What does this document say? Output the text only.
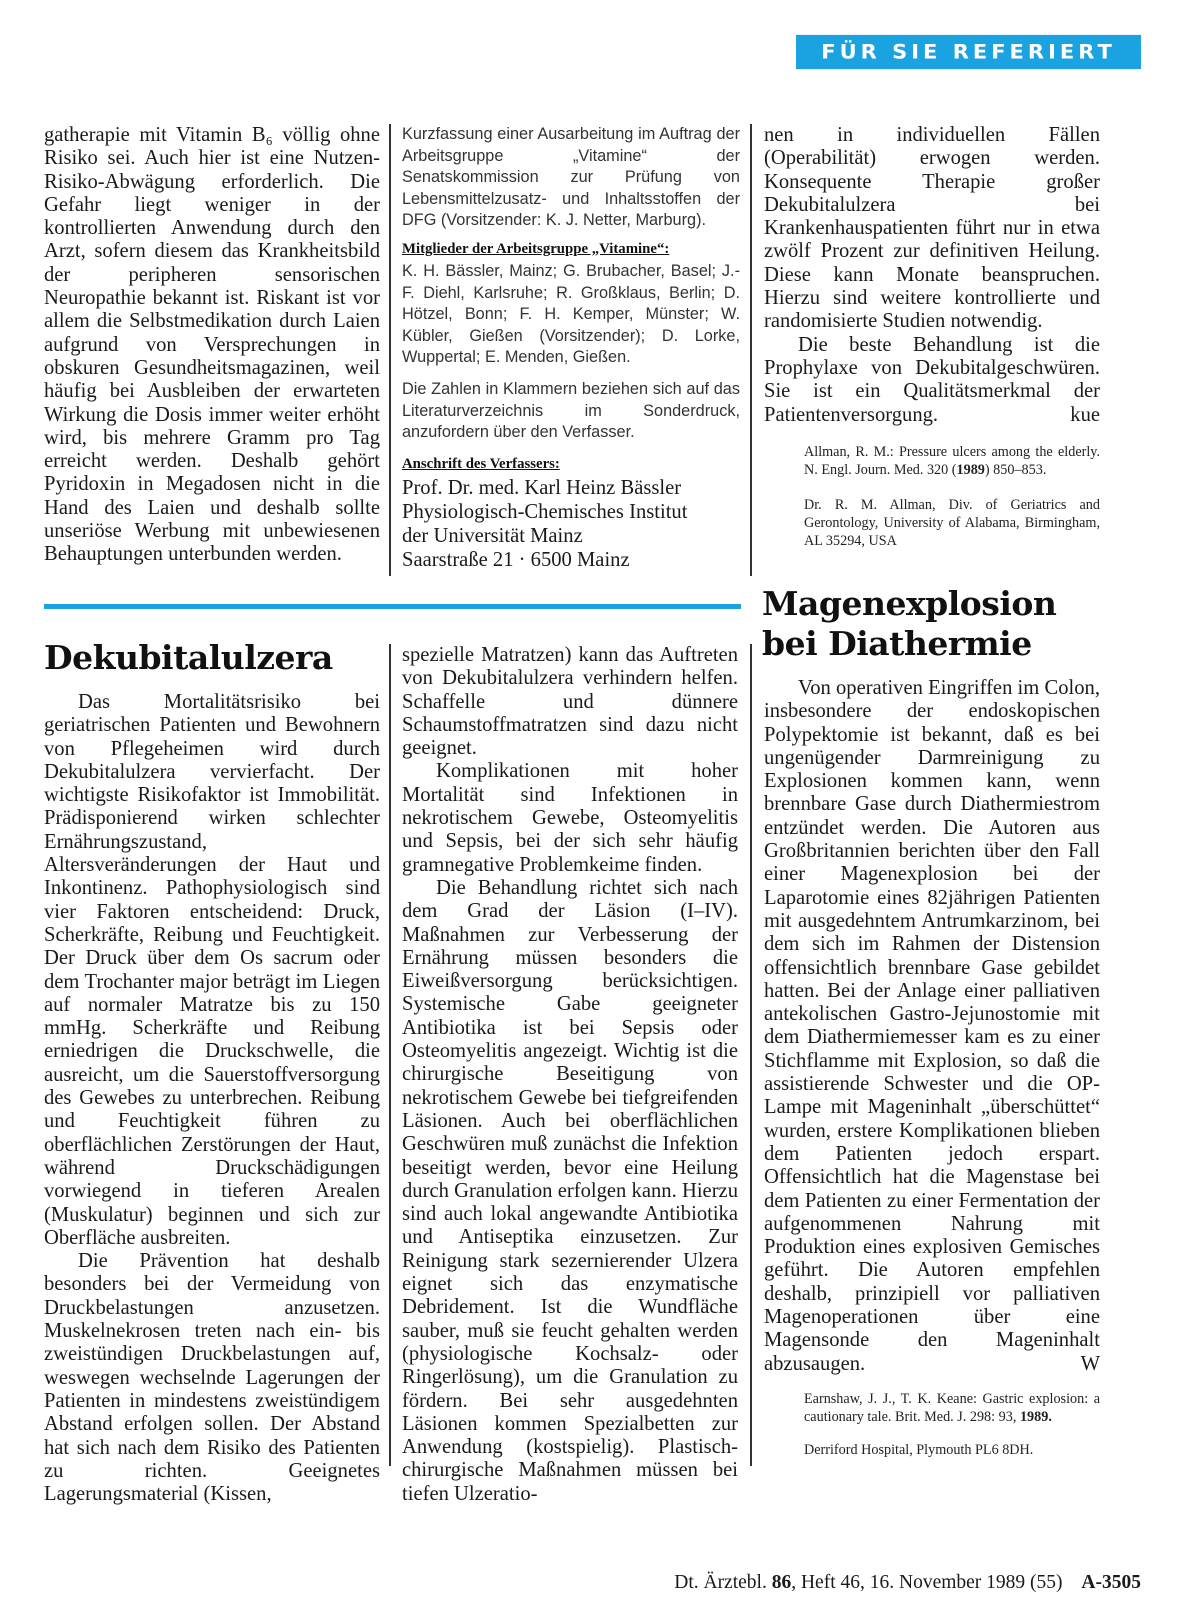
FÜR SIE REFERIERT

gatherapie mit Vitamin B₆ völlig ohne Risiko sei. Auch hier ist eine Nutzen-Risiko-Abwägung erforderlich. Die Gefahr liegt weniger in der kontrollierten Anwendung durch den Arzt, sofern diesem das Krankheitsbild der peripheren sensorischen Neuropathie bekannt ist. Riskant ist vor allem die Selbstmedikation durch Laien aufgrund von Versprechungen in obskuren Gesundheitsmagazinen, weil häufig bei Ausbleiben der erwarteten Wirkung die Dosis immer weiter erhöht wird, bis mehrere Gramm pro Tag erreicht werden. Deshalb gehört Pyridoxin in Megadosen nicht in die Hand des Laien und deshalb sollte unseriöse Werbung mit unbewiesenen Behauptungen unterbunden werden.

Kurzfassung einer Ausarbeitung im Auftrag der Arbeitsgruppe „Vitamine“ der Senatskommission zur Prüfung von Lebensmittelzusatz- und Inhaltsstoffen der DFG (Vorsitzender: K. J. Netter, Marburg).

Mitglieder der Arbeitsgruppe „Vitamine“:

K. H. Bässler, Mainz; G. Brubacher, Basel; J.-F. Diehl, Karlsruhe; R. Großklaus, Berlin; D. Hötzel, Bonn; F. H. Kemper, Münster; W. Kübler, Gießen (Vorsitzender); D. Lorke, Wuppertal; E. Menden, Gießen.

Die Zahlen in Klammern beziehen sich auf das Literaturverzeichnis im Sonderdruck, anzufordern über den Verfasser.

Anschrift des Verfassers:

Prof. Dr. med. Karl Heinz Bässler

Physiologisch-Chemisches Institut

der Universität Mainz

Saarstraße 21 · 6500 Mainz

nen in individuellen Fällen (Operabilität) erwogen werden. Konsequente Therapie großer Dekubitalulzera bei Krankenhauspatienten führt nur in etwa zwölf Prozent zur definitiven Heilung. Diese kann Monate beanspruchen. Hierzu sind weitere kontrollierte und randomisierte Studien notwendig.

Die beste Behandlung ist die Prophylaxe von Dekubitalgeschwüren. Sie ist ein Qualitätsmerkmal der Patientenversorgung.	kue

Allman, R. M.: Pressure ulcers among the elderly. N. Engl. Journ. Med. 320 (1989) 850–853.

Dr. R. M. Allman, Div. of Geriatrics and Gerontology, University of Alabama, Birmingham, AL 35294, USA

Dekubitalulzera

Das Mortalitätsrisiko bei geriatrischen Patienten und Bewohnern von Pflegeheimen wird durch Dekubitalulzera vervierfacht. Der wichtigste Risikofaktor ist Immobilität. Prädisponierend wirken schlechter Ernährungszustand, Altersveränderungen der Haut und Inkontinenz. Pathophysiologisch sind vier Faktoren entscheidend: Druck, Scherkräfte, Reibung und Feuchtigkeit. Der Druck über dem Os sacrum oder dem Trochanter major beträgt im Liegen auf normaler Matratze bis zu 150 mmHg. Scherkräfte und Reibung erniedrigen die Druckschwelle, die ausreicht, um die Sauerstoffversorgung des Gewebes zu unterbrechen. Reibung und Feuchtigkeit führen zu oberflächlichen Zerstörungen der Haut, während Druckschädigungen vorwiegend in tieferen Arealen (Muskulatur) beginnen und sich zur Oberfläche ausbreiten.

Die Prävention hat deshalb besonders bei der Vermeidung von Druckbelastungen anzusetzen. Muskelnekrosen treten nach ein- bis zweistündigen Druckbelastungen auf, weswegen wechselnde Lagerungen der Patienten in mindestens zweistündigem Abstand erfolgen sollen. Der Abstand hat sich nach dem Risiko des Patienten zu richten. Geeignetes Lagerungsmaterial (Kissen,

spezielle Matratzen) kann das Auftreten von Dekubitalulzera verhindern helfen. Schaffelle und dünnere Schaumstoffmatratzen sind dazu nicht geeignet.

Komplikationen mit hoher Mortalität sind Infektionen in nekrotischem Gewebe, Osteomyelitis und Sepsis, bei der sich sehr häufig gramnegative Problemkeime finden.

Die Behandlung richtet sich nach dem Grad der Läsion (I–IV). Maßnahmen zur Verbesserung der Ernährung müssen besonders die Eiweißversorgung berücksichtigen. Systemische Gabe geeigneter Antibiotika ist bei Sepsis oder Osteomyelitis angezeigt. Wichtig ist die chirurgische Beseitigung von nekrotischem Gewebe bei tiefgreifenden Läsionen. Auch bei oberflächlichen Geschwüren muß zunächst die Infektion beseitigt werden, bevor eine Heilung durch Granulation erfolgen kann. Hierzu sind auch lokal angewandte Antibiotika und Antiseptika einzusetzen. Zur Reinigung stark sezernierender Ulzera eignet sich das enzymatische Debridement. Ist die Wundfläche sauber, muß sie feucht gehalten werden (physiologische Kochsalz- oder Ringerlösung), um die Granulation zu fördern. Bei sehr ausgedehnten Läsionen kommen Spezialbetten zur Anwendung (kostspielig). Plastisch-chirurgische Maßnahmen müssen bei tiefen Ulzeratio-

Magenexplosion
bei Diathermie

Von operativen Eingriffen im Colon, insbesondere der endoskopischen Polypektomie ist bekannt, daß es bei ungenügender Darmreinigung zu Explosionen kommen kann, wenn brennbare Gase durch Diathermiestrom entzündet werden. Die Autoren aus Großbritannien berichten über den Fall einer Magenexplosion bei der Laparotomie eines 82jährigen Patienten mit ausgedehntem Antrumkarzinom, bei dem sich im Rahmen der Distension offensichtlich brennbare Gase gebildet hatten. Bei der Anlage einer palliativen antekolischen Gastro-Jejunostomie mit dem Diathermiemesser kam es zu einer Stichflamme mit Explosion, so daß die assistierende Schwester und die OP-Lampe mit Mageninhalt „überschüttet“ wurden, erstere Komplikationen blieben dem Patienten jedoch erspart. Offensichtlich hat die Magenstase bei dem Patienten zu einer Fermentation der aufgenommenen Nahrung mit Produktion eines explosiven Gemisches geführt. Die Autoren empfehlen deshalb, prinzipiell vor palliativen Magenoperationen über eine Magensonde den Mageninhalt abzusaugen.	W

Earnshaw, J. J., T. K. Keane: Gastric explosion: a cautionary tale. Brit. Med. J. 298: 93, 1989.

Derriford Hospital, Plymouth PL6 8DH.

Dt. Ärztebl. 86, Heft 46, 16. November 1989 (55) A-3505
